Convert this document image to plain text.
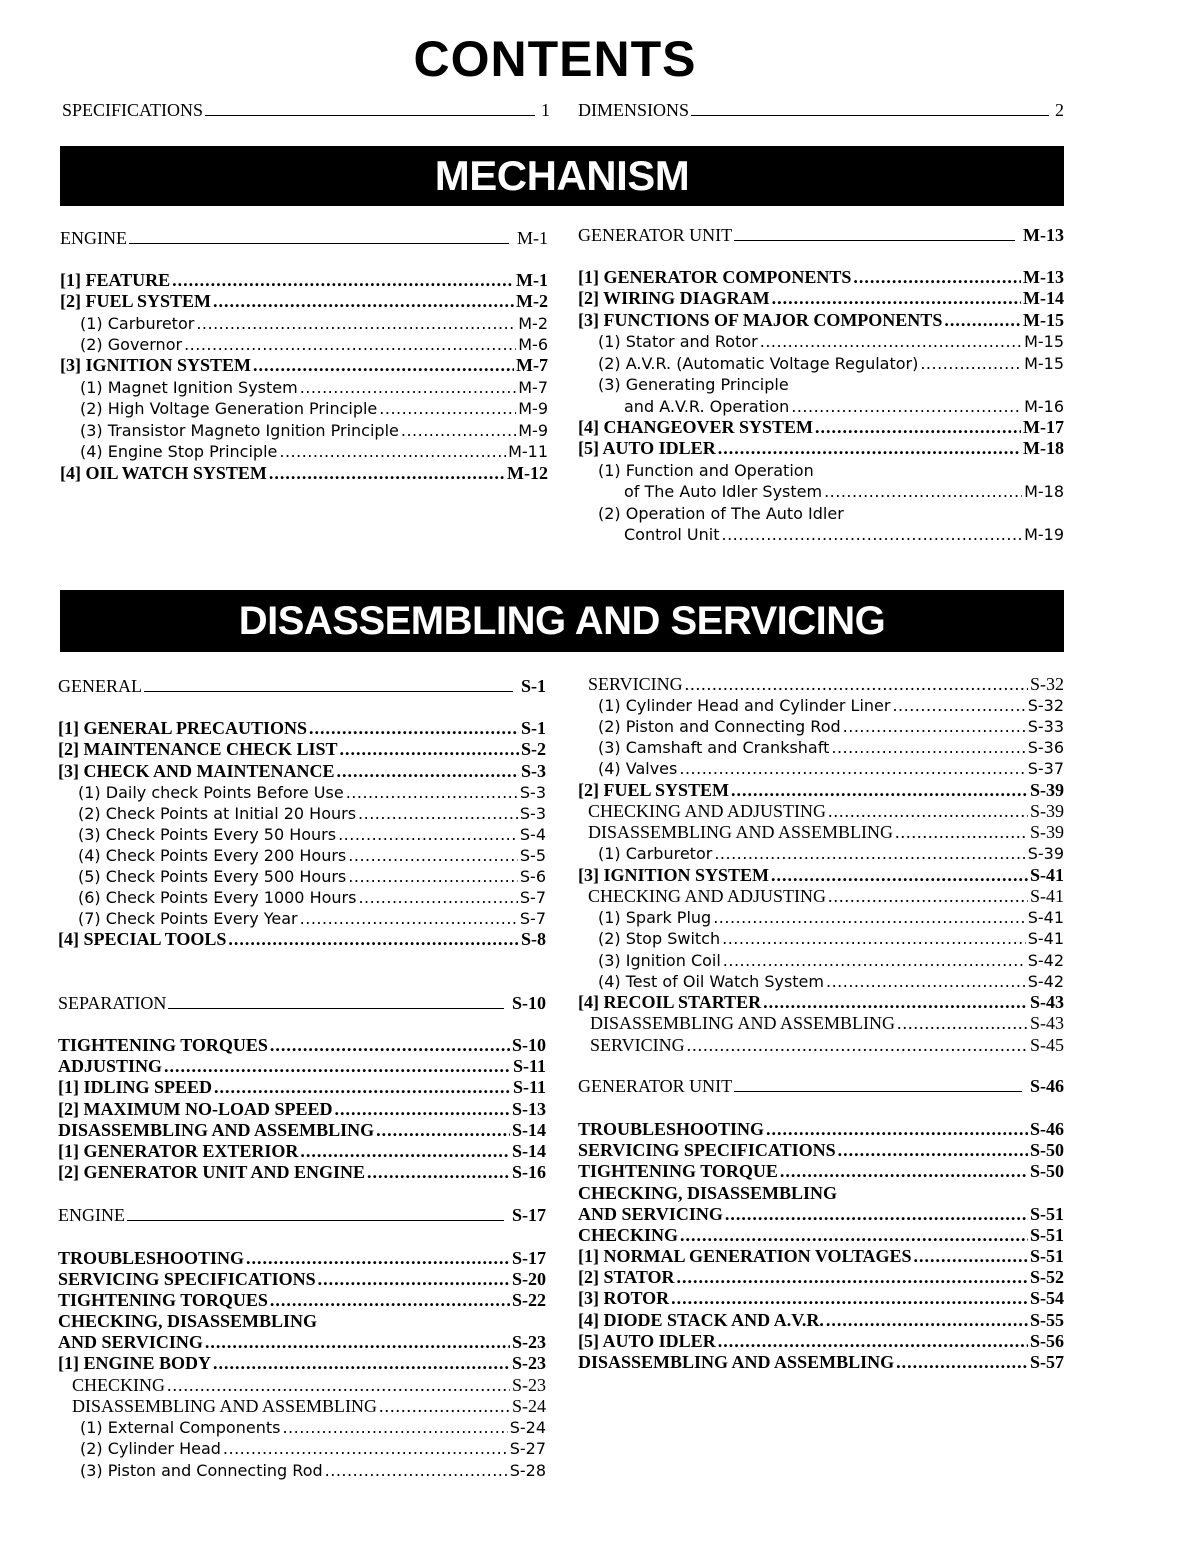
CONTENTS
SPECIFICATIONS	1 DIMENSIONS	2
MECHANISM
ENGINE	M-1
[1] FEATURE .....	M-1
[2] FUEL SYSTEM .....	M-2
(1) Carburetor .....	M-2
(2) Governor .....	M-6
[3] IGNITION SYSTEM .....	M-7
(1) Magnet Ignition System .....	M-7
(2) High Voltage Generation Principle .....	M-9
(3) Transistor Magneto Ignition Principle .....	M-9
(4) Engine Stop Principle .....	M-11
[4] OIL WATCH SYSTEM .....	M-12
GENERATOR UNIT	M-13
[1] GENERATOR COMPONENTS .....	M-13
[2] WIRING DIAGRAM .....	M-14
[3] FUNCTIONS OF MAJOR COMPONENTS .....	M-15
(1) Stator and Rotor .....	M-15
(2) A.V.R. (Automatic Voltage Regulator) .....	M-15
(3) Generating Principle
and A.V.R. Operation .....	M-16
[4] CHANGEOVER SYSTEM .....	M-17
[5] AUTO IDLER .....	M-18
(1) Function and Operation
of The Auto Idler System .....	M-18
(2) Operation of The Auto Idler
Control Unit .....	M-19
DISASSEMBLING AND SERVICING
GENERAL	S-1
[1] GENERAL PRECAUTIONS .....	S-1
[2] MAINTENANCE CHECK LIST .....	S-2
[3] CHECK AND MAINTENANCE .....	S-3
(1) Daily check Points Before Use .....	S-3
(2) Check Points at Initial 20 Hours .....	S-3
(3) Check Points Every 50 Hours .....	S-4
(4) Check Points Every 200 Hours .....	S-5
(5) Check Points Every 500 Hours .....	S-6
(6) Check Points Every 1000 Hours .....	S-7
(7) Check Points Every Year .....	S-7
[4] SPECIAL TOOLS .....	S-8
SEPARATION	S-10
TIGHTENING TORQUES .....	S-10
ADJUSTING .....	S-11
[1] IDLING SPEED .....	S-11
[2] MAXIMUM NO-LOAD SPEED .....	S-13
DISASSEMBLING AND ASSEMBLING .....	S-14
[1] GENERATOR EXTERIOR .....	S-14
[2] GENERATOR UNIT AND ENGINE .....	S-16
ENGINE	S-17
TROUBLESHOOTING .....	S-17
SERVICING SPECIFICATIONS .....	S-20
TIGHTENING TORQUES .....	S-22
CHECKING, DISASSEMBLING
AND SERVICING .....	S-23
[1] ENGINE BODY .....	S-23
CHECKING .....	S-23
DISASSEMBLING AND ASSEMBLING .....	S-24
(1) External Components .....	S-24
(2) Cylinder Head .....	S-27
(3) Piston and Connecting Rod .....	S-28
SERVICING .....	S-32
(1) Cylinder Head and Cylinder Liner .....	S-32
(2) Piston and Connecting Rod .....	S-33
(3) Camshaft and Crankshaft .....	S-36
(4) Valves .....	S-37
[2] FUEL SYSTEM .....	S-39
CHECKING AND ADJUSTING .....	S-39
DISASSEMBLING AND ASSEMBLING .....	S-39
(1) Carburetor .....	S-39
[3] IGNITION SYSTEM .....	S-41
CHECKING AND ADJUSTING .....	S-41
(1) Spark Plug .....	S-41
(2) Stop Switch .....	S-41
(3) Ignition Coil .....	S-42
(4) Test of Oil Watch System .....	S-42
[4] RECOIL STARTER .....	S-43
DISASSEMBLING AND ASSEMBLING .....	S-43
SERVICING .....	S-45
GENERATOR UNIT	S-46
TROUBLESHOOTING .....	S-46
SERVICING SPECIFICATIONS .....	S-50
TIGHTENING TORQUE .....	S-50
CHECKING, DISASSEMBLING
AND SERVICING .....	S-51
CHECKING .....	S-51
[1] NORMAL GENERATION VOLTAGES .....	S-51
[2] STATOR .....	S-52
[3] ROTOR .....	S-54
[4] DIODE STACK AND A.V.R. .....	S-55
[5] AUTO IDLER .....	S-56
DISASSEMBLING AND ASSEMBLING .....	S-57
